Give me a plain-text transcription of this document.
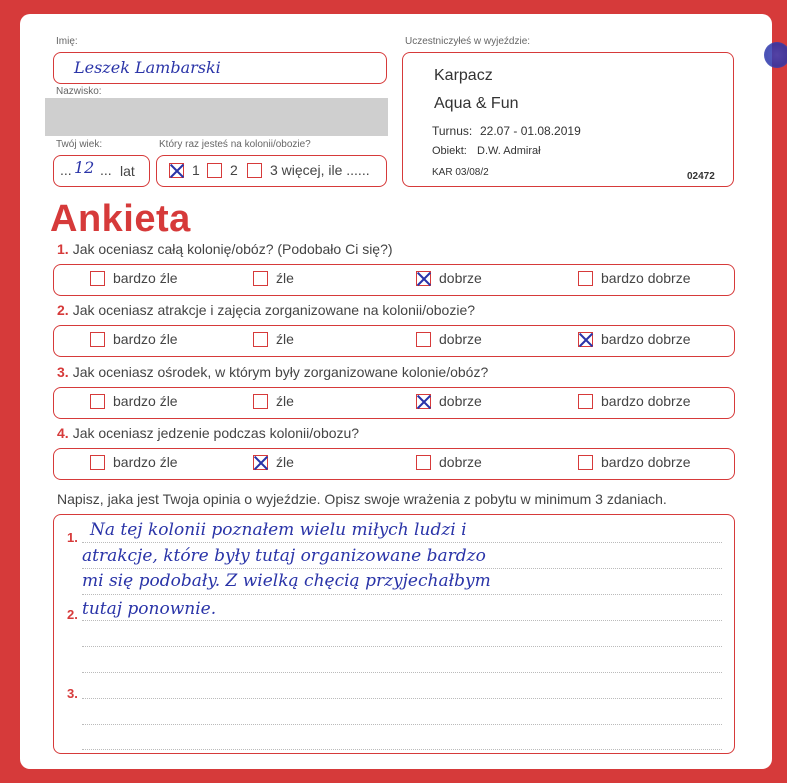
Imię:
Leszek Lambarski
Nazwisko:
Twój wiek:
... 12 ... lat
Który raz jesteś na kolonii/obozie?
1 2 3 więcej, ile ......
Uczestniczyłeś w wyjeździe:
Karpacz
Aqua & Fun
Turnus: 22.07 - 01.08.2019
Obiekt: D.W. Admirał
KAR 03/08/2	02472
Ankieta
1. Jak oceniasz całą kolonię/obóz? (Podobało Ci się?)
bardzo źle	źle	dobrze	bardzo dobrze
2. Jak oceniasz atrakcje i zajęcia zorganizowane na kolonii/obozie?
bardzo źle	źle	dobrze	bardzo dobrze
3. Jak oceniasz ośrodek, w którym były zorganizowane kolonie/obóz?
bardzo źle	źle	dobrze	bardzo dobrze
4. Jak oceniasz jedzenie podczas kolonii/obozu?
bardzo źle	źle	dobrze	bardzo dobrze
Napisz, jaka jest Twoja opinia o wyjeździe. Opisz swoje wrażenia z pobytu w minimum 3 zdaniach.
1.
2.
3.
Na tej kolonii poznałem wielu miłych ludzi i
atrakcje, które były tutaj organizowane bardzo
mi się podobały. Z wielką chęcią przyjechałbym
tutaj ponownie.
